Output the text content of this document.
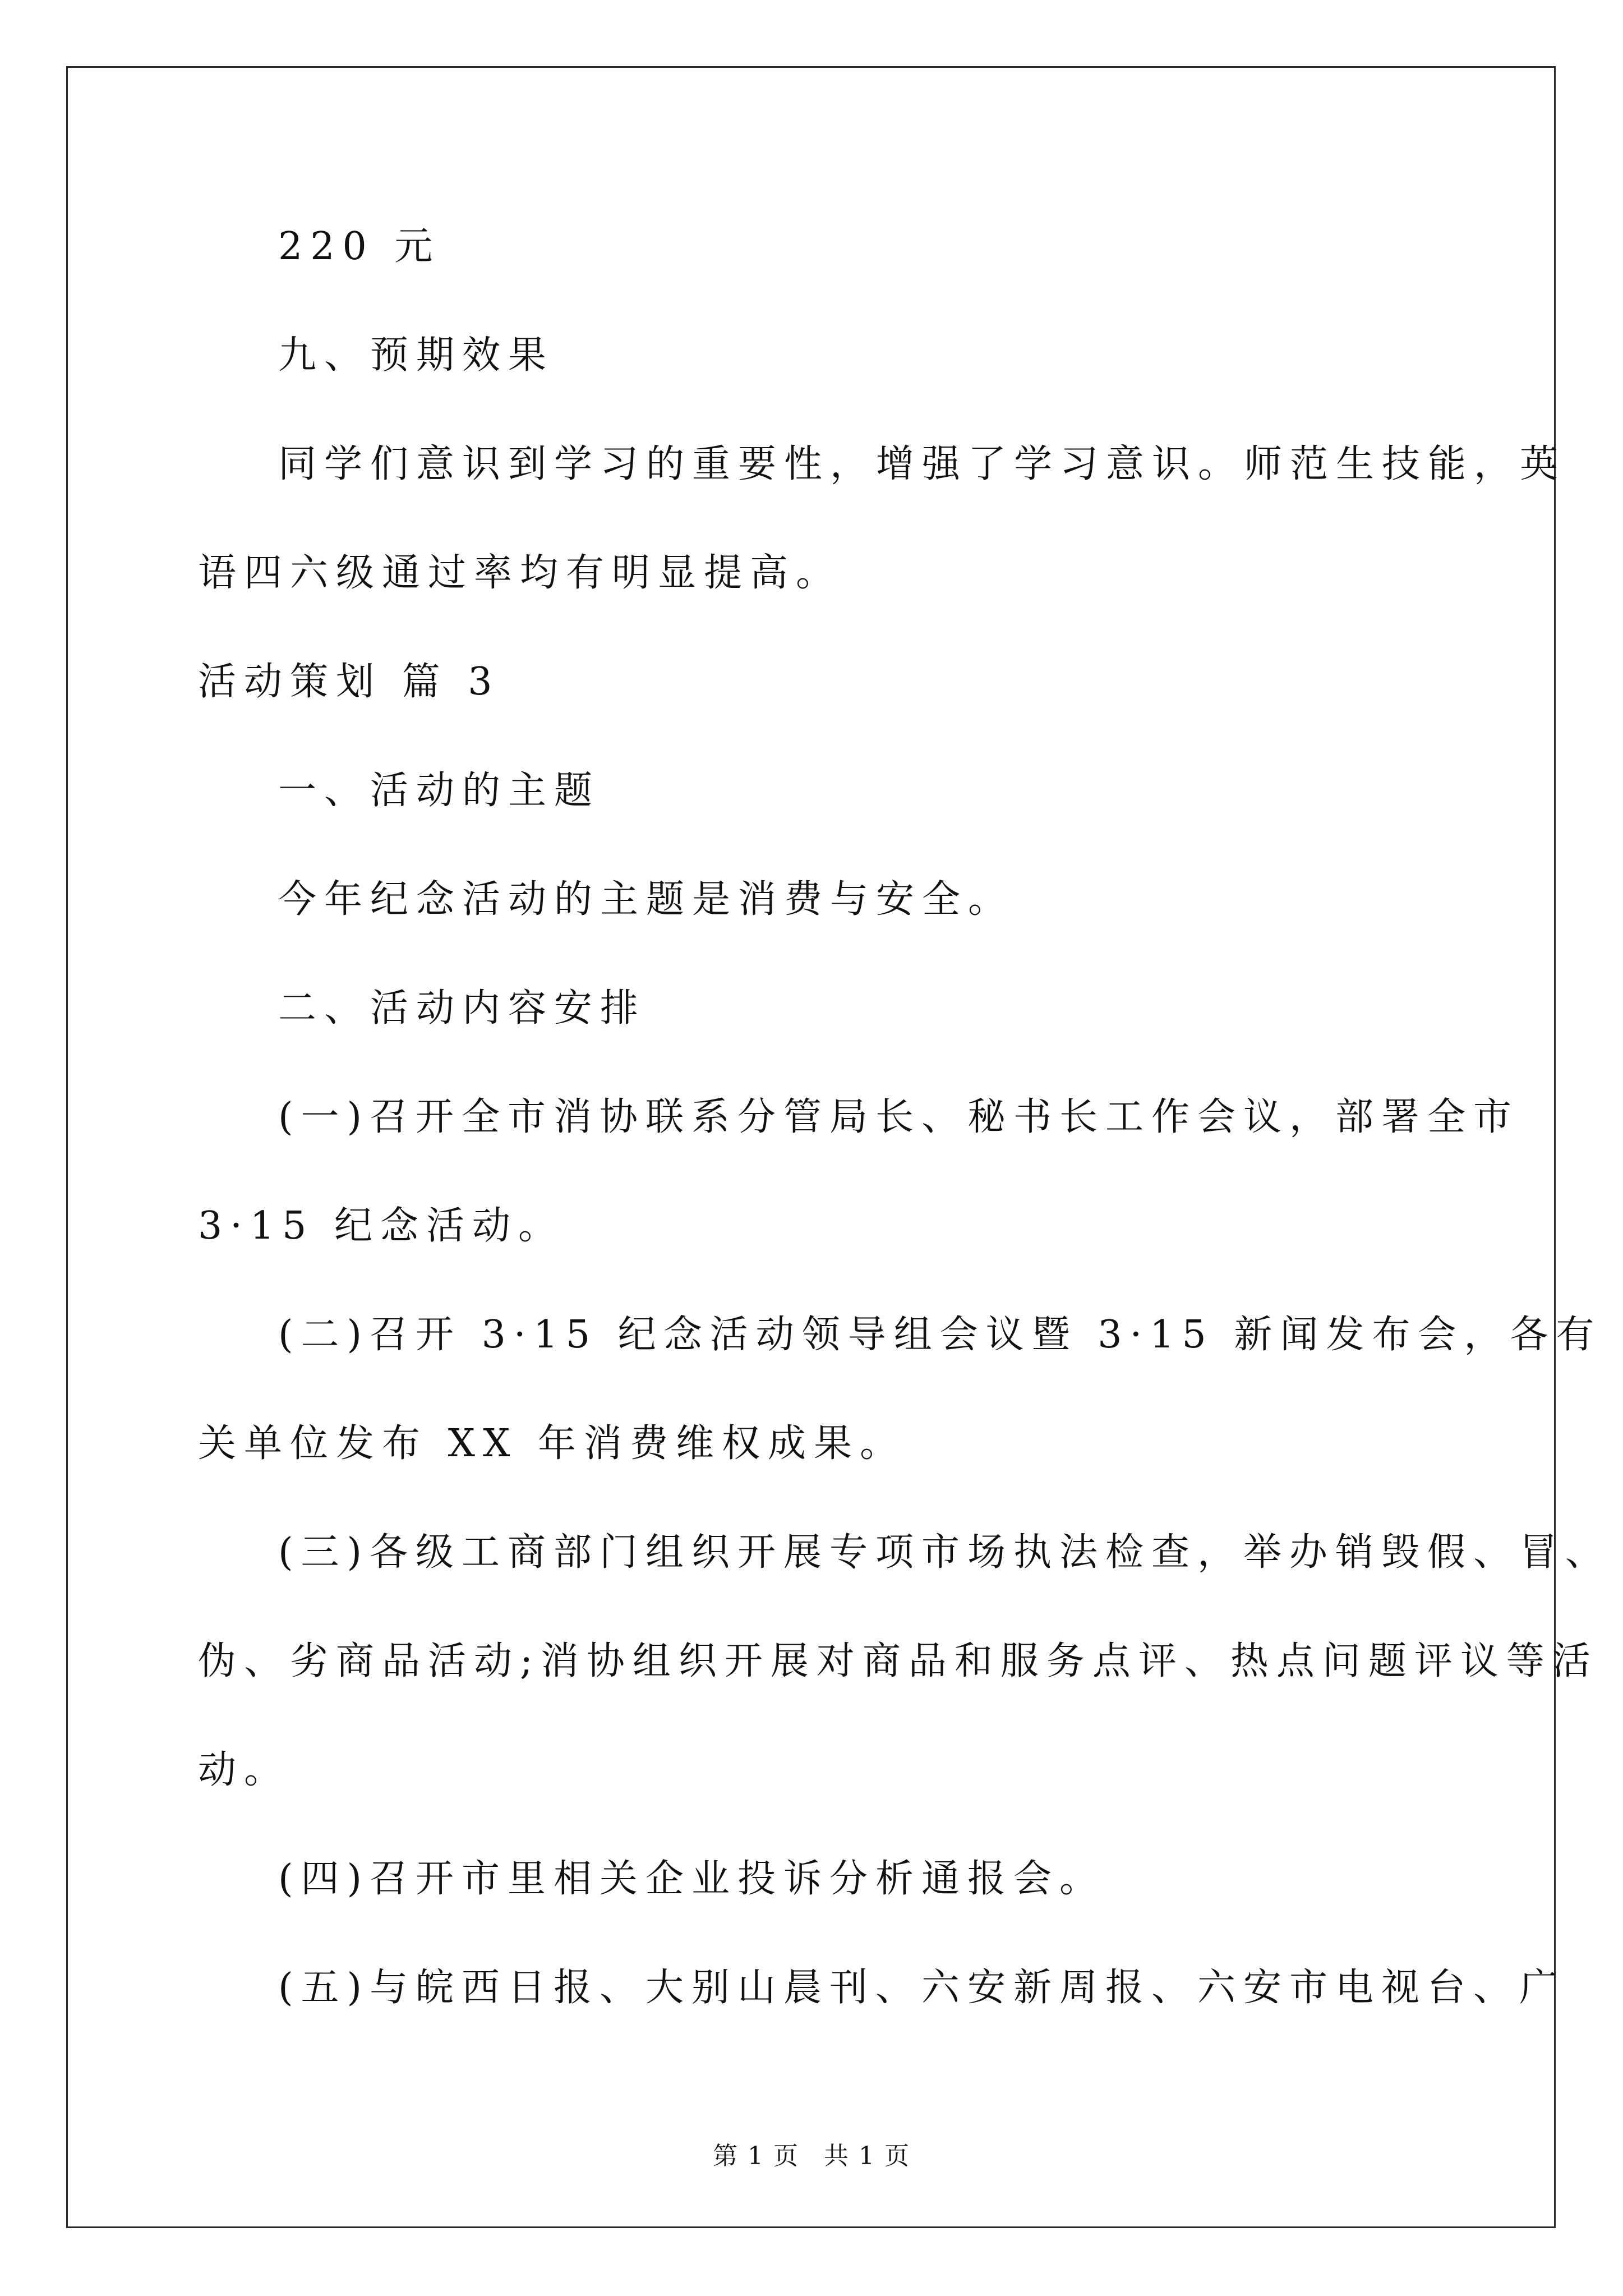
220 元
九、预期效果
同学们意识到学习的重要性，增强了学习意识。师范生技能，英
语四六级通过率均有明显提高。
活动策划 篇 3
一、活动的主题
今年纪念活动的主题是消费与安全。
二、活动内容安排
(一)召开全市消协联系分管局长、秘书长工作会议，部署全市
3·15 纪念活动。
(二)召开 3·15 纪念活动领导组会议暨 3·15 新闻发布会，各有
关单位发布 XX 年消费维权成果。
(三)各级工商部门组织开展专项市场执法检查，举办销毁假、冒、
伪、劣商品活动;消协组织开展对商品和服务点评、热点问题评议等活
动。
(四)召开市里相关企业投诉分析通报会。
(五)与皖西日报、大别山晨刊、六安新周报、六安市电视台、广
第 1 页 共 1 页
